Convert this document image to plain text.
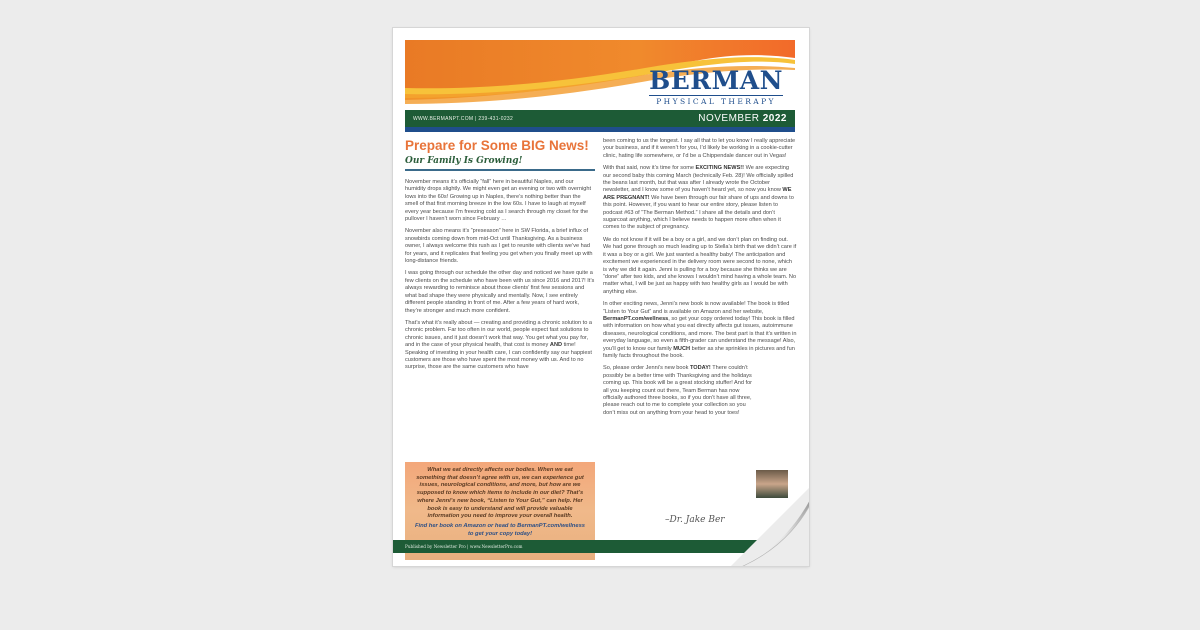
BERMAN
PHYSICAL THERAPY
WWW.BERMANPT.COM | 239-431-0232	NOVEMBER 2022
Prepare for Some BIG News!
Our Family Is Growing!

November means it’s officially “fall” here in beautiful Naples, and our humidity drops slightly. We might even get an evening or two with overnight lows into the 60s! Growing up in Naples, there’s nothing better than the smell of that first morning breeze in the low 60s. I have to laugh at myself every year because I’m freezing cold as I search through my closet for the pullover I haven’t worn since February …

November also means it’s “preseason” here in SW Florida, a brief influx of snowbirds coming down from mid-Oct until Thanksgiving. As a business owner, I always welcome this rush as I get to reunite with clients we’ve had for years, and it replicates that feeling you get when you finally meet up with long-distance friends.

I was going through our schedule the other day and noticed we have quite a few clients on the schedule who have been with us since 2016 and 2017! It’s always rewarding to reminisce about those clients’ first few sessions and what bad shape they were physically and mentally. Now, I see entirely different people standing in front of me. After a few years of hard work, they’re stronger and much more confident.

That’s what it’s really about — creating and providing a chronic solution to a chronic problem. Far too often in our world, people expect fast solutions to chronic issues, and it just doesn’t work that way. You get what you pay for, and in the case of your physical health, that cost is money AND time! Speaking of investing in your health care, I can confidently say our happiest customers are those who have spent the most money with us. And to no surprise, those are the same customers who have

What we eat directly affects our bodies. When we eat something that doesn’t agree with us, we can experience gut issues, neurological conditions, and more, but how are we supposed to know which items to include in our diet? That’s where Jenni’s new book, “Listen to Your Gut,” can help. Her book is easy to understand and will provide valuable information you need to improve your overall health.
Find her book on Amazon or head to BermanPT.com/wellness to get your copy today!

been coming to us the longest. I say all that to let you know I really appreciate your business, and if it weren’t for you, I’d likely be working in a cookie-cutter clinic, hating life somewhere, or I’d be a Chippendale dancer out in Vegas!

With that said, now it’s time for some EXCITING NEWS!! We are expecting our second baby this coming March (technically Feb. 28)! We officially spilled the beans last month, but that was after I already wrote the October newsletter, and I know some of you haven’t heard yet, so now you know WE ARE PREGNANT! We have been through our fair share of ups and downs to this point. However, if you want to hear our entire story, please listen to podcast #63 of “The Berman Method.” I share all the details and don’t sugarcoat anything, which I believe needs to happen more often when it comes to the subject of pregnancy.

We do not know if it will be a boy or a girl, and we don’t plan on finding out. We had gone through so much leading up to Stella’s birth that we didn’t care if it was a boy or a girl. We just wanted a healthy baby! The anticipation and excitement we experienced in the delivery room were second to none, which is why we did it again. Jenni is pulling for a boy because she thinks we are “done” after two kids, and she knows I wouldn’t mind having a whole team. No matter what, I will be just as happy with two healthy girls as I would be with anything else.

In other exciting news, Jenni’s new book is now available! The book is titled “Listen to Your Gut” and is available on Amazon and her website, BermanPT.com/wellness, so get your copy ordered today! This book is filled with information on how what you eat directly affects gut issues, autoimmune diseases, neurological conditions, and more. The best part is that it’s written in everyday language, so even a fifth-grader can understand the message! Also, you’ll get to know our family MUCH better as she sprinkles in pictures and fun family facts throughout the book.

So, please order Jenni’s new book TODAY! There couldn’t possibly be a better time with Thanksgiving and the holidays coming up. This book will be a great stocking stuffer! And for all you keeping count out there, Team Berman has now officially authored three books, so if you don’t have all three, please reach out to me to complete your collection so you don’t miss out on anything from your head to your toes!

–Dr. Jake Ber
Published by Newsletter Pro | www.NewsletterPro.com
